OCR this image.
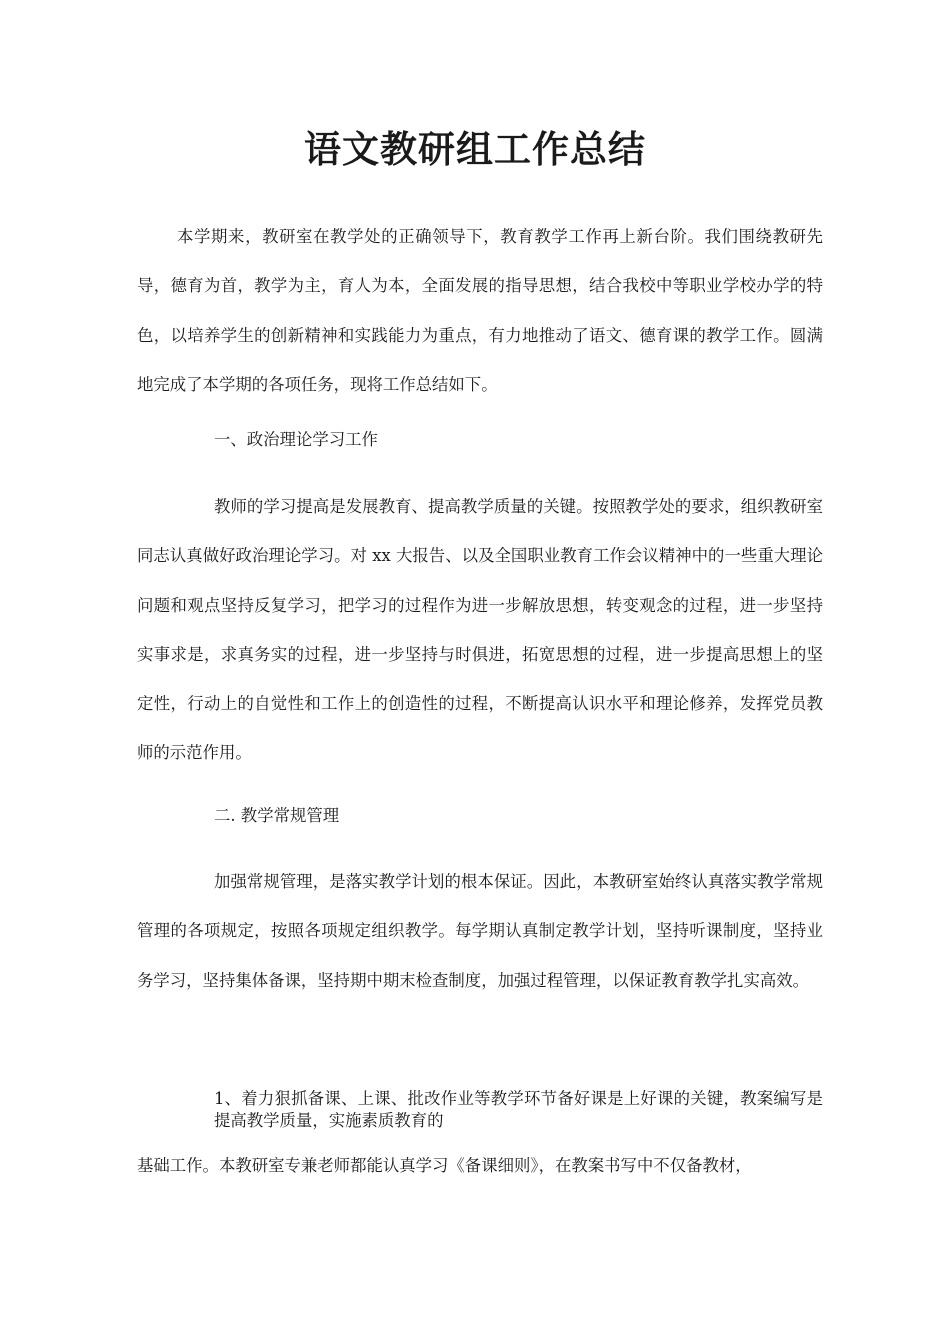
语文教研组工作总结

本学期来，教研室在教学处的正确领导下，教育教学工作再上新台阶。我们围绕教研先导，德育为首，教学为主，育人为本，全面发展的指导思想，结合我校中等职业学校办学的特色，以培养学生的创新精神和实践能力为重点，有力地推动了语文、德育课的教学工作。圆满地完成了本学期的各项任务，现将工作总结如下。

一、政治理论学习工作

教师的学习提高是发展教育、提高教学质量的关键。按照教学处的要求，组织教研室同志认真做好政治理论学习。对 xx 大报告、以及全国职业教育工作会议精神中的一些重大理论问题和观点坚持反复学习，把学习的过程作为进一步解放思想，转变观念的过程，进一步坚持实事求是，求真务实的过程，进一步坚持与时俱进，拓宽思想的过程，进一步提高思想上的坚定性，行动上的自觉性和工作上的创造性的过程，不断提高认识水平和理论修养，发挥党员教师的示范作用。

二. 教学常规管理

加强常规管理，是落实教学计划的根本保证。因此，本教研室始终认真落实教学常规管理的各项规定，按照各项规定组织教学。每学期认真制定教学计划，坚持听课制度，坚持业务学习，坚持集体备课，坚持期中期末检查制度，加强过程管理，以保证教育教学扎实高效。

1、着力狠抓备课、上课、批改作业等教学环节备好课是上好课的关键，教案编写是提高教学质量，实施素质教育的

基础工作。本教研室专兼老师都能认真学习《备课细则》，在教案书写中不仅备教材，
